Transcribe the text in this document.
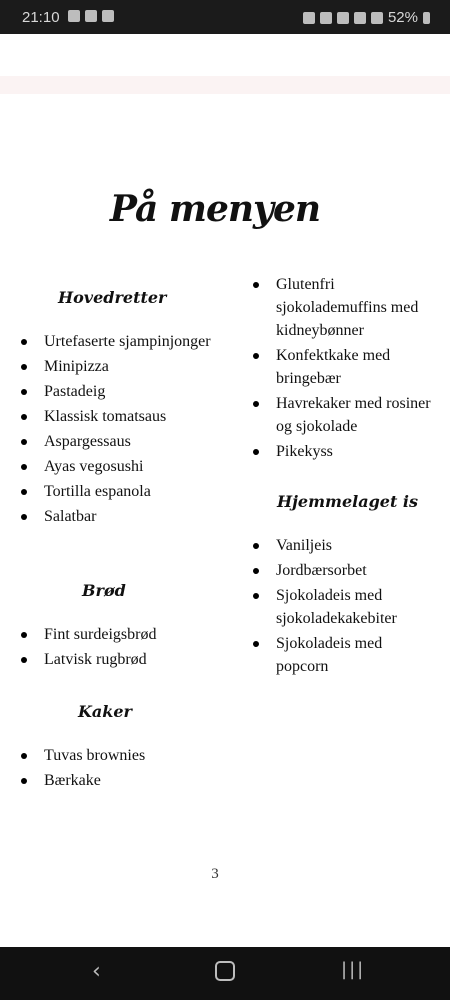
21:10	52%
På menyen
Hovedretter
Urtefaserte sjampinjonger
Minipizza
Pastadeig
Klassisk tomatsaus
Aspargessaus
Ayas vegosushi
Tortilla espanola
Salatbar
Brød
Fint surdeigsbrød
Latvisk rugbrød
Kaker
Tuvas brownies
Bærkake
Glutenfri sjokolademuffins med kidneybønner
Konfektkake med bringebær
Havrekaker med rosiner og sjokolade
Pikekyss
Hjemmelaget is
Vaniljeis
Jordbærsorbet
Sjokoladeis med sjokoladekakebiter
Sjokoladeis med popcorn
3
‹	|||
